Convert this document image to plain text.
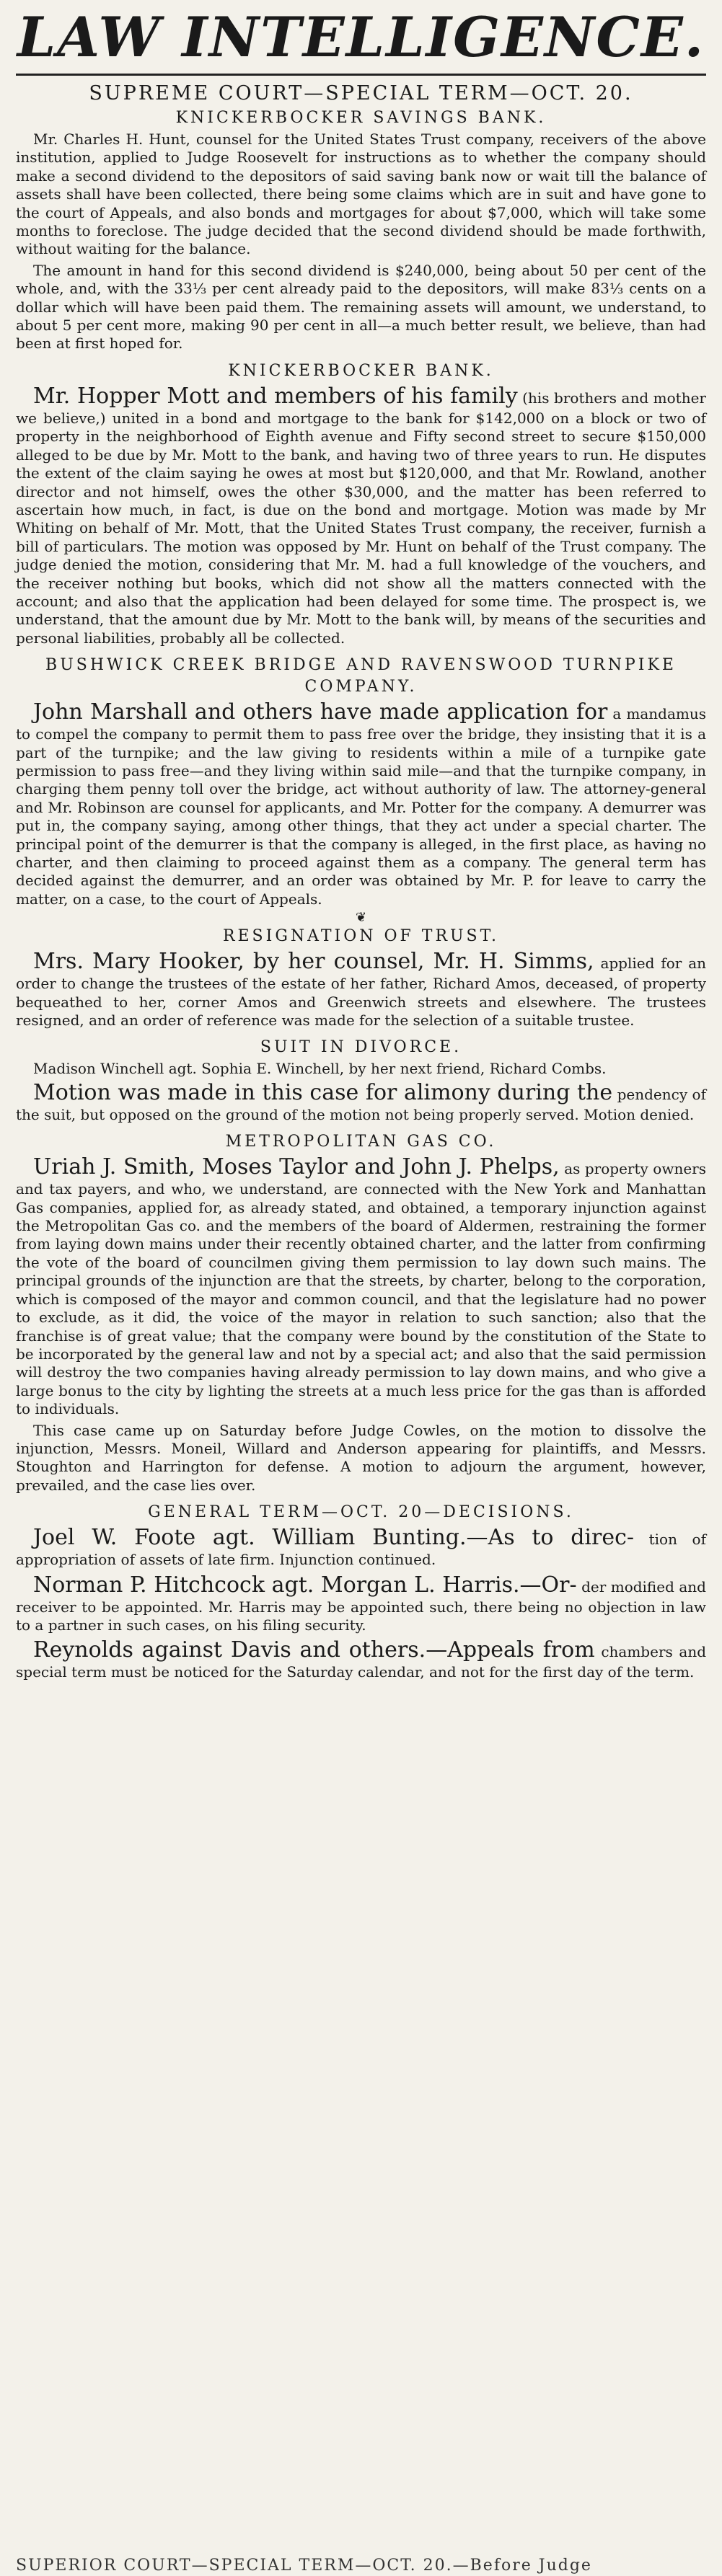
LAW INTELLIGENCE.
SUPREME COURT—SPECIAL TERM—OCT. 20.
KNICKERBOCKER SAVINGS BANK.

Mr. Charles H. Hunt, counsel for the United States Trust company, receivers of the above institution, applied to Judge Roosevelt for instructions as to whether the company should make a second dividend to the depositors of said saving bank now or wait till the balance of assets shall have been collected, there being some claims which are in suit and have gone to the court of Appeals, and also bonds and mortgages for about $7,000, which will take some months to foreclose. The judge decided that the second dividend should be made forthwith, without waiting for the balance.

The amount in hand for this second dividend is $240,000, being about 50 per cent of the whole, and, with the 33⅓ per cent already paid to the depositors, will make 83⅓ cents on a dollar which will have been paid them. The remaining assets will amount, we understand, to about 5 per cent more, making 90 per cent in all—a much better result, we believe, than had been at first hoped for.

KNICKERBOCKER BANK.

Mr. Hopper Mott and members of his family (his brothers and mother we believe,) united in a bond and mortgage to the bank for $142,000 on a block or two of property in the neighborhood of Eighth avenue and Fifty second street to secure $150,000 alleged to be due by Mr. Mott to the bank, and having two of three years to run. He disputes the extent of the claim saying he owes at most but $120,000, and that Mr. Rowland, another director and not himself, owes the other $30,000, and the matter has been referred to ascertain how much, in fact, is due on the bond and mortgage. Motion was made by Mr Whiting on behalf of Mr. Mott, that the United States Trust company, the receiver, furnish a bill of particulars. The motion was opposed by Mr. Hunt on behalf of the Trust company. The judge denied the motion, considering that Mr. M. had a full knowledge of the vouchers, and the receiver nothing but books, which did not show all the matters connected with the account; and also that the application had been delayed for some time. The prospect is, we understand, that the amount due by Mr. Mott to the bank will, by means of the securities and personal liabilities, probably all be collected.

BUSHWICK CREEK BRIDGE AND RAVENSWOOD TURNPIKE COMPANY.

John Marshall and others have made application for a mandamus to compel the company to permit them to pass free over the bridge, they insisting that it is a part of the turnpike; and the law giving to residents within a mile of a turnpike gate permission to pass free—and they living within said mile—and that the turnpike company, in charging them penny toll over the bridge, act without authority of law. The attorney-general and Mr. Robinson are counsel for applicants, and Mr. Potter for the company. A demurrer was put in, the company saying, among other things, that they act under a special charter. The principal point of the demurrer is that the company is alleged, in the first place, as having no charter, and then claiming to proceed against them as a company. The general term has decided against the demurrer, and an order was obtained by Mr. P. for leave to carry the matter, on a case, to the court of Appeals.

❦
RESIGNATION OF TRUST.

Mrs. Mary Hooker, by her counsel, Mr. H. Simms, applied for an order to change the trustees of the estate of her father, Richard Amos, deceased, of property bequeathed to her, corner Amos and Greenwich streets and elsewhere. The trustees resigned, and an order of reference was made for the selection of a suitable trustee.

SUIT IN DIVORCE.

Madison Winchell agt. Sophia E. Winchell, by her next friend, Richard Combs.

Motion was made in this case for alimony during the pendency of the suit, but opposed on the ground of the motion not being properly served. Motion denied.

METROPOLITAN GAS CO.

Uriah J. Smith, Moses Taylor and John J. Phelps, as property owners and tax payers, and who, we understand, are connected with the New York and Manhattan Gas companies, applied for, as already stated, and obtained, a temporary injunction against the Metropolitan Gas co. and the members of the board of Aldermen, restraining the former from laying down mains under their recently obtained charter, and the latter from confirming the vote of the board of councilmen giving them permission to lay down such mains. The principal grounds of the injunction are that the streets, by charter, belong to the corporation, which is composed of the mayor and common council, and that the legislature had no power to exclude, as it did, the voice of the mayor in relation to such sanction; also that the franchise is of great value; that the company were bound by the constitution of the State to be incorporated by the general law and not by a special act; and also that the said permission will destroy the two companies having already permission to lay down mains, and who give a large bonus to the city by lighting the streets at a much less price for the gas than is afforded to individuals.

This case came up on Saturday before Judge Cowles, on the motion to dissolve the injunction, Messrs. Moneil, Willard and Anderson appearing for plaintiffs, and Messrs. Stoughton and Harrington for defense. A motion to adjourn the argument, however, prevailed, and the case lies over.

GENERAL TERM—OCT. 20—DECISIONS.

Joel W. Foote agt. William Bunting.—As to direc- tion of appropriation of assets of late firm. Injunction continued.

Norman P. Hitchcock agt. Morgan L. Harris.—Or- der modified and receiver to be appointed. Mr. Harris may be appointed such, there being no objection in law to a partner in such cases, on his filing security.

Reynolds against Davis and others.—Appeals from chambers and special term must be noticed for the Saturday calendar, and not for the first day of the term.

SUPERIOR COURT—SPECIAL TERM—OCT. 20.—Before Judge
